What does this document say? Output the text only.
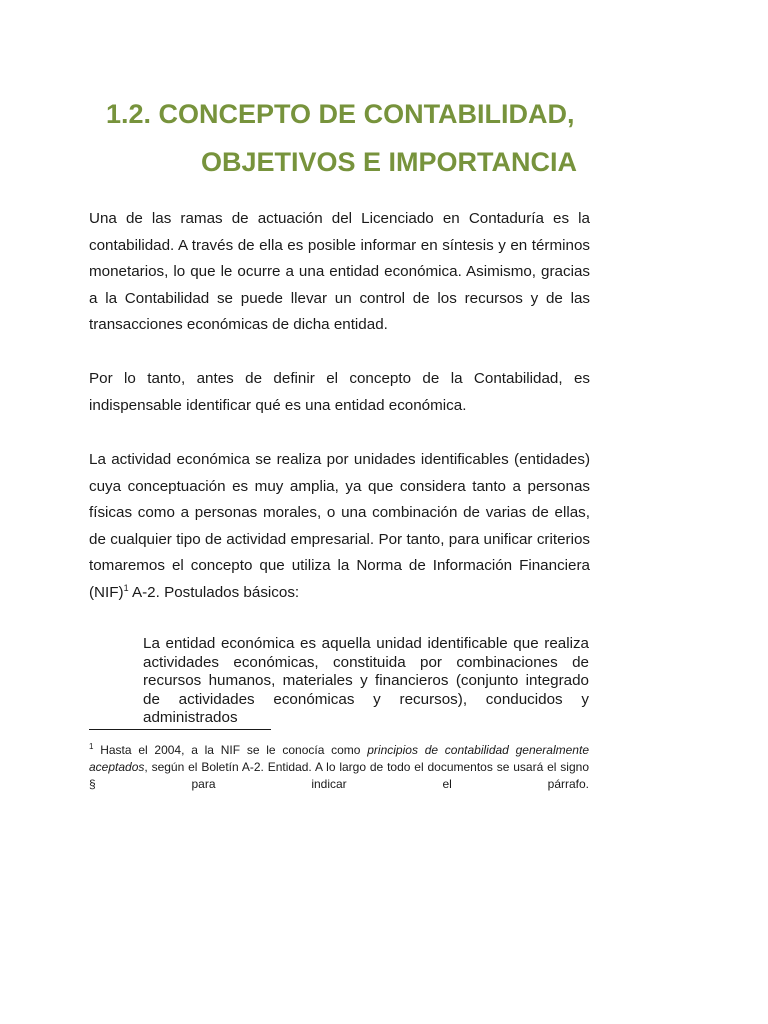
1.2. CONCEPTO DE CONTABILIDAD,
OBJETIVOS E IMPORTANCIA

Una de las ramas de actuación del Licenciado en Contaduría es la contabilidad. A través de ella es posible informar en síntesis y en términos monetarios, lo que le ocurre a una entidad económica. Asimismo, gracias a la Contabilidad se puede llevar un control de los recursos y de las transacciones económicas de dicha entidad.

Por lo tanto, antes de definir el concepto de la Contabilidad, es indispensable identificar qué es una entidad económica.

La actividad económica se realiza por unidades identificables (entidades) cuya conceptuación es muy amplia, ya que considera tanto a personas físicas como a personas morales, o una combinación de varias de ellas, de cualquier tipo de actividad empresarial. Por tanto, para unificar criterios tomaremos el concepto que utiliza la Norma de Información Financiera (NIF)$^1$ A-2. Postulados básicos:

La entidad económica es aquella unidad identificable que realiza actividades económicas, constituida por combinaciones de recursos humanos, materiales y financieros (conjunto integrado de actividades económicas y recursos), conducidos y administrados

$^1$ Hasta el 2004, a la NIF se le conocía como principios de contabilidad generalmente aceptados, según el Boletín A-2. Entidad. A lo largo de todo el documentos se usará el signo § para indicar el párrafo.
